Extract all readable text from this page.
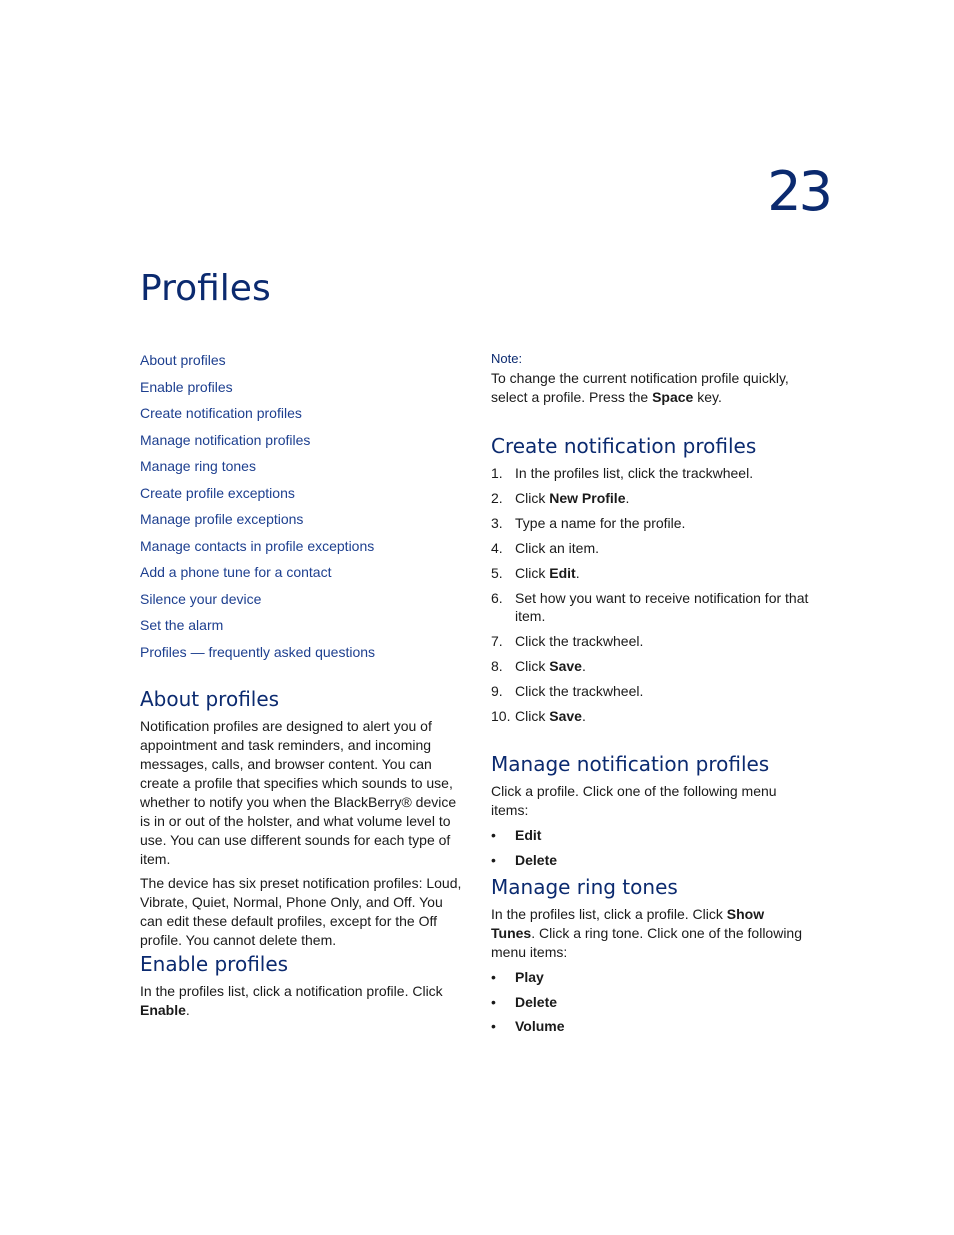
23
Profiles
About profiles
Enable profiles
Create notification profiles
Manage notification profiles
Manage ring tones
Create profile exceptions
Manage profile exceptions
Manage contacts in profile exceptions
Add a phone tune for a contact
Silence your device
Set the alarm
Profiles — frequently asked questions
About profiles

Notification profiles are designed to alert you of appointment and task reminders, and incoming messages, calls, and browser content. You can create a profile that specifies which sounds to use, whether to notify you when the BlackBerry® device is in or out of the holster, and what volume level to use. You can use different sounds for each type of item.

The device has six preset notification profiles: Loud, Vibrate, Quiet, Normal, Phone Only, and Off. You can edit these default profiles, except for the Off profile. You cannot delete them.

Enable profiles

In the profiles list, click a notification profile. Click Enable.

Note:

To change the current notification profile quickly, select a profile. Press the Space key.

Create notification profiles
1. In the profiles list, click the trackwheel.
2. Click New Profile.
3. Type a name for the profile.
4. Click an item.
5. Click Edit.
6. Set how you want to receive notification for that item.
7. Click the trackwheel.
8. Click Save.
9. Click the trackwheel.
10. Click Save.
Manage notification profiles

Click a profile. Click one of the following menu items:

• Edit
• Delete
Manage ring tones

In the profiles list, click a profile. Click Show Tunes. Click a ring tone. Click one of the following menu items:

• Play
• Delete
• Volume
